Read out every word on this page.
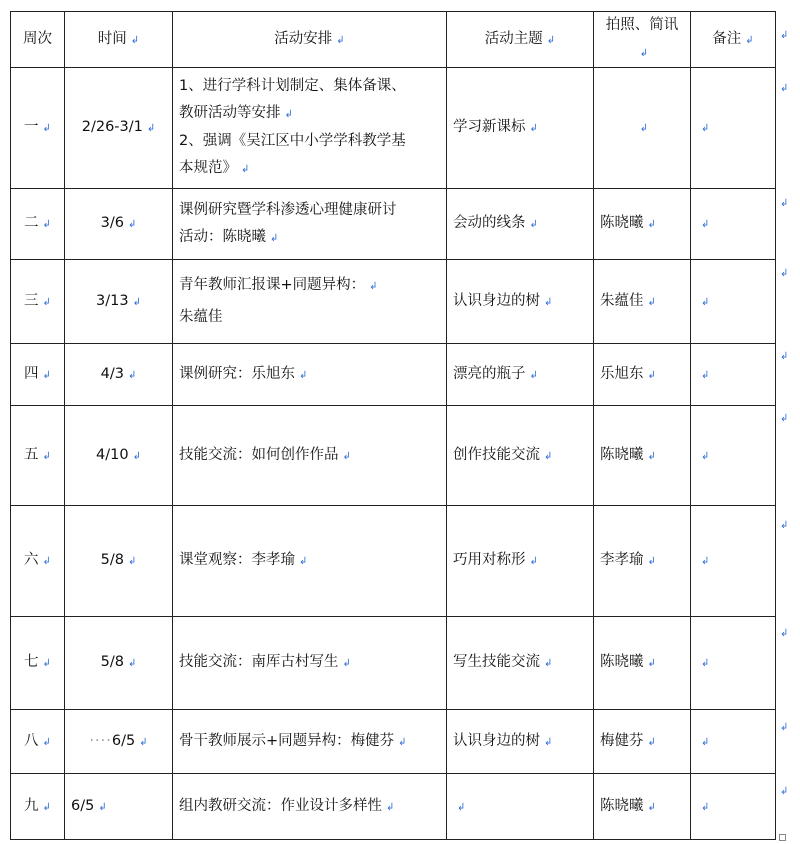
周次	时间 ↲	活动安排 ↲	活动主题 ↲	拍照、简讯↲	备注 ↲
一 ↲	2/26-3/1 ↲	1、进行学科计划制定、集体备课、
教研活动等安排 ↲
2、强调《吴江区中小学学科教学基
本规范》 ↲	学习新课标 ↲	↲	↲
二 ↲	3/6 ↲	课例研究暨学科渗透心理健康研讨
活动：陈晓曦 ↲	会动的线条 ↲	陈晓曦 ↲	↲
三 ↲	3/13 ↲	青年教师汇报课+同题异构： ↲
朱蕴佳	认识身边的树 ↲	朱蕴佳 ↲	↲
四 ↲	4/3 ↲	课例研究：乐旭东 ↲	漂亮的瓶子 ↲	乐旭东 ↲	↲
五 ↲	4/10 ↲	技能交流：如何创作作品 ↲	创作技能交流 ↲	陈晓曦 ↲	↲
六 ↲	5/8 ↲	课堂观察：李孝瑜 ↲	巧用对称形 ↲	李孝瑜 ↲	↲
七 ↲	5/8 ↲	技能交流：南厍古村写生 ↲	写生技能交流 ↲	陈晓曦 ↲	↲
八 ↲	····6/5 ↲	骨干教师展示+同题异构：梅健芬 ↲	认识身边的树 ↲	梅健芬 ↲	↲
九 ↲	6/5 ↲	组内教研交流：作业设计多样性 ↲	↲	陈晓曦 ↲	↲
↲
↲
↲
↲
↲
↲
↲
↲
↲
↲
